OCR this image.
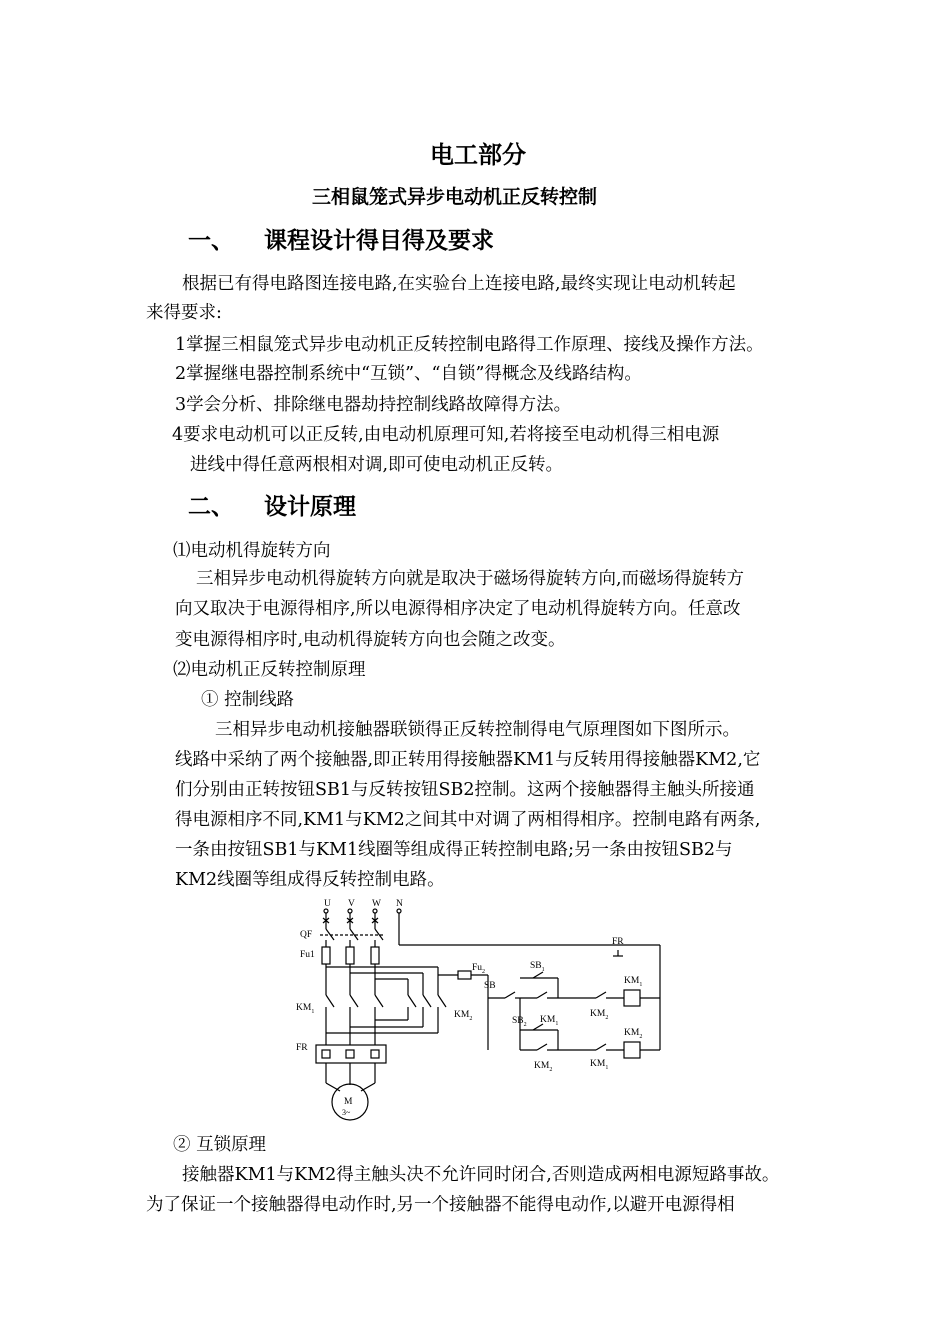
电工部分
三相鼠笼式异步电动机正反转控制
一、 课程设计得目得及要求
根据已有得电路图连接电路,在实验台上连接电路,最终实现让电动机转起
来得要求:
1掌握三相鼠笼式异步电动机正反转控制电路得工作原理、接线及操作方法。
2掌握继电器控制系统中“互锁”、“自锁”得概念及线路结构。
3学会分析、排除继电器劫持控制线路故障得方法。
4要求电动机可以正反转,由电动机原理可知,若将接至电动机得三相电源
进线中得任意两根相对调,即可使电动机正反转。
二、 设计原理
⑴电动机得旋转方向
三相异步电动机得旋转方向就是取决于磁场得旋转方向,而磁场得旋转方
向又取决于电源得相序,所以电源得相序决定了电动机得旋转方向。任意改
变电源得相序时,电动机得旋转方向也会随之改变。
⑵电动机正反转控制原理
① 控制线路
三相异步电动机接触器联锁得正反转控制得电气原理图如下图所示。
线路中采纳了两个接触器,即正转用得接触器KM1与反转用得接触器KM2,它
们分别由正转按钮SB1与反转按钮SB2控制。这两个接触器得主触头所接通
得电源相序不同,KM1与KM2之间其中对调了两相得相序。控制电路有两条,
一条由按钮SB1与KM1线圈等组成得正转控制电路;另一条由按钮SB2与
KM2线圈等组成得反转控制电路。
U V W N
QF
Fu1
$KM_1$	$KM_2$
FR
M
3~
$Fu_2$
SB
FR
$SB_1$
$SB_2$
$KM_1$
$KM_2$
$KM_2$
$KM_1$
$KM_1$
$KM_2$
② 互锁原理
接触器KM1与KM2得主触头决不允许同时闭合,否则造成两相电源短路事故。
为了保证一个接触器得电动作时,另一个接触器不能得电动作,以避开电源得相
